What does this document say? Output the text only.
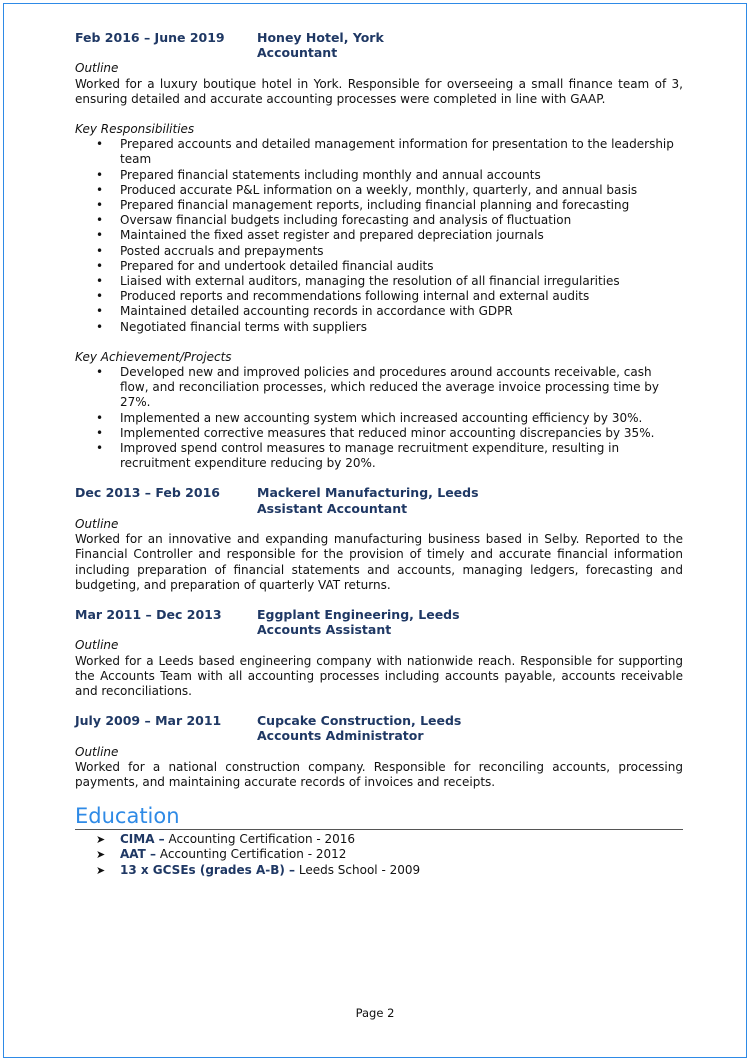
Feb 2016 – June 2019	Honey Hotel, York
Accountant
Outline
Worked for a luxury boutique hotel in York. Responsible for overseeing a small finance team of 3, ensuring detailed and accurate accounting processes were completed in line with GAAP.
Key Responsibilities
• Prepared accounts and detailed management information for presentation to the leadership team
• Prepared financial statements including monthly and annual accounts
• Produced accurate P&L information on a weekly, monthly, quarterly, and annual basis
• Prepared financial management reports, including financial planning and forecasting
• Oversaw financial budgets including forecasting and analysis of fluctuation
• Maintained the fixed asset register and prepared depreciation journals
• Posted accruals and prepayments
• Prepared for and undertook detailed financial audits
• Liaised with external auditors, managing the resolution of all financial irregularities
• Produced reports and recommendations following internal and external audits
• Maintained detailed accounting records in accordance with GDPR
• Negotiated financial terms with suppliers
Key Achievement/Projects
• Developed new and improved policies and procedures around accounts receivable, cash flow, and reconciliation processes, which reduced the average invoice processing time by 27%.
• Implemented a new accounting system which increased accounting efficiency by 30%.
• Implemented corrective measures that reduced minor accounting discrepancies by 35%.
• Improved spend control measures to manage recruitment expenditure, resulting in recruitment expenditure reducing by 20%.
Dec 2013 – Feb 2016	Mackerel Manufacturing, Leeds
Assistant Accountant
Outline
Worked for an innovative and expanding manufacturing business based in Selby. Reported to the Financial Controller and responsible for the provision of timely and accurate financial information including preparation of financial statements and accounts, managing ledgers, forecasting and budgeting, and preparation of quarterly VAT returns.
Mar 2011 – Dec 2013	Eggplant Engineering, Leeds
Accounts Assistant
Outline
Worked for a Leeds based engineering company with nationwide reach. Responsible for supporting the Accounts Team with all accounting processes including accounts payable, accounts receivable and reconciliations.
July 2009 – Mar 2011	Cupcake Construction, Leeds
Accounts Administrator
Outline
Worked for a national construction company. Responsible for reconciling accounts, processing payments, and maintaining accurate records of invoices and receipts.
Education
➤ CIMA – Accounting Certification - 2016
➤ AAT – Accounting Certification - 2012
➤ 13 x GCSEs (grades A-B) – Leeds School - 2009
Page 2
